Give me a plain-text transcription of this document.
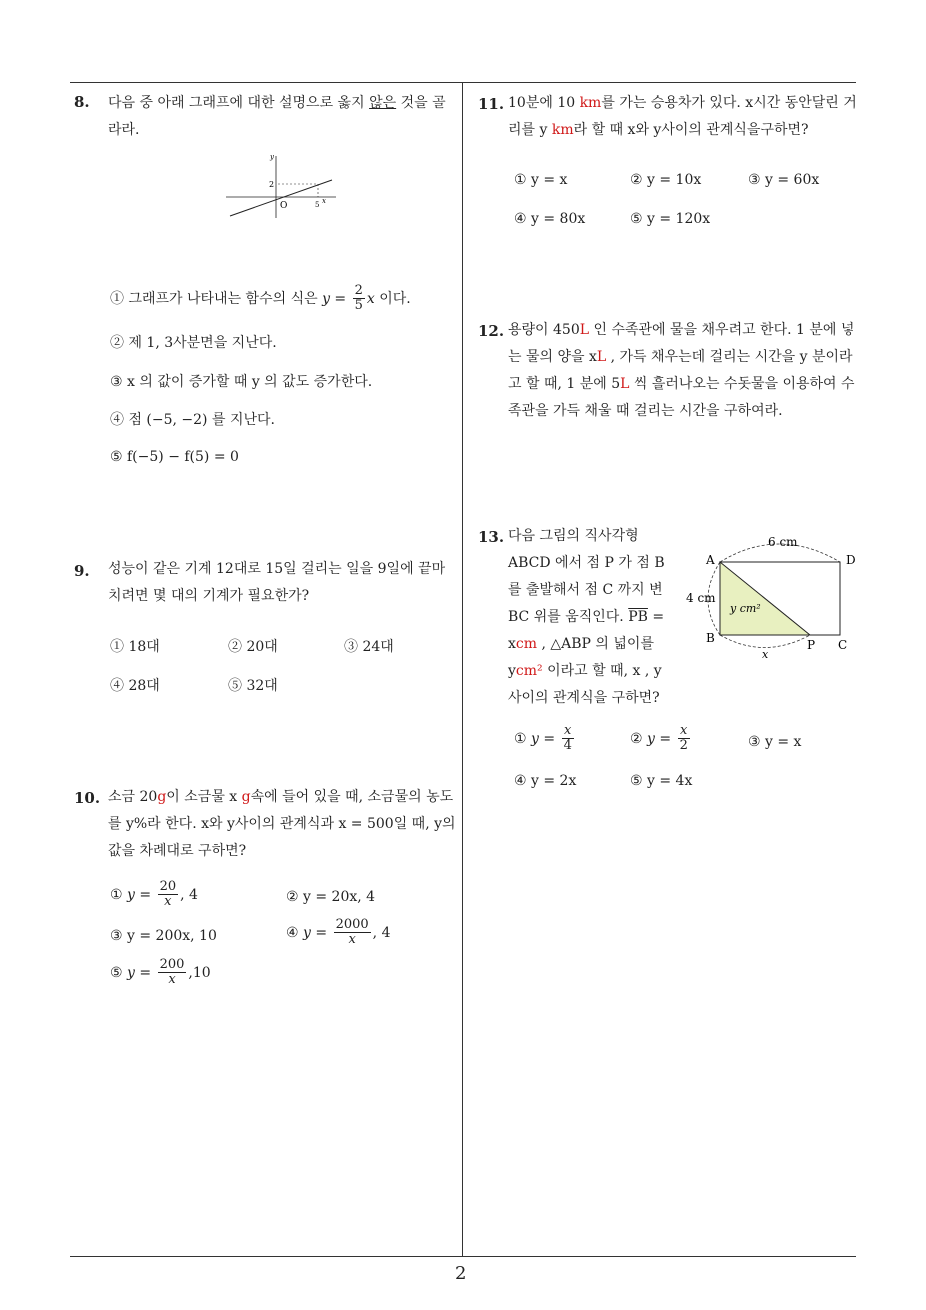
2
8. 다음 중 아래 그래프에 대한 설명으로 옳지 않은 것을 골라라.
y
2
O	5 x
① 그래프가 나타내는 함수의 식은 $y = \frac{2}{5}$ x 이다.
② 제 1, 3사분면을 지난다.
③ x 의 값이 증가할 때 y 의 값도 증가한다.
④ 점 (−5, −2) 를 지난다.
⑤ f(−5) − f(5) = 0
9. 성능이 같은 기계 12대로 15일 걸리는 일을 9일에 끝마치려면 몇 대의 기계가 필요한가?
① 18대	② 20대	③ 24대
④ 28대	⑤ 32대
10. 소금 20g이 소금물 x g속에 들어 있을 때, 소금물의 농도를 y%라 한다. x와 y사이의 관계식과 x = 500일 때, y의 값을 차례대로 구하면?
① $y = \frac{20}{x}$ , 4	② y = 20x, 4
③ y = 200x, 10	④ $y = \frac{2000}{x}$ , 4
⑤ $y = \frac{200}{x} ,10$
11. 10분에 10 km를 가는 승용차가 있다. x시간 동안달린 거리를 y km라 할 때 x와 y사이의 관계식을구하면?
① y = x	② y = 10x	③ y = 60x
④ y = 80x	⑤ y = 120x
12. 용량이 450L 인 수족관에 물을 채우려고 한다. 1 분에 넣는 물의 양을 xL , 가득 채우는데 걸리는 시간을 y 분이라고 할 때, 1 분에 5L 씩 흘러나오는 수돗물을 이용하여 수족관을 가득 채울 때 걸리는 시간을 구하여라.
13. 다음 그림의 직사각형 ABCD 에서 점 P 가 점 B 를 출발해서 점 C 까지 변 BC 위를 움직인다. $\overline{PB}$ = xcm , △ABP 의 넓이를 ycm² 이라고 할 때, x , y 사이의 관계식을 구하면?
6 cm
4 cm
y cm²
A
B	C
D
P
x
① $y = \frac{x}{4}$	② $y = \frac{x}{2}$	③ y = x
④ y = 2x	⑤ y = 4x
